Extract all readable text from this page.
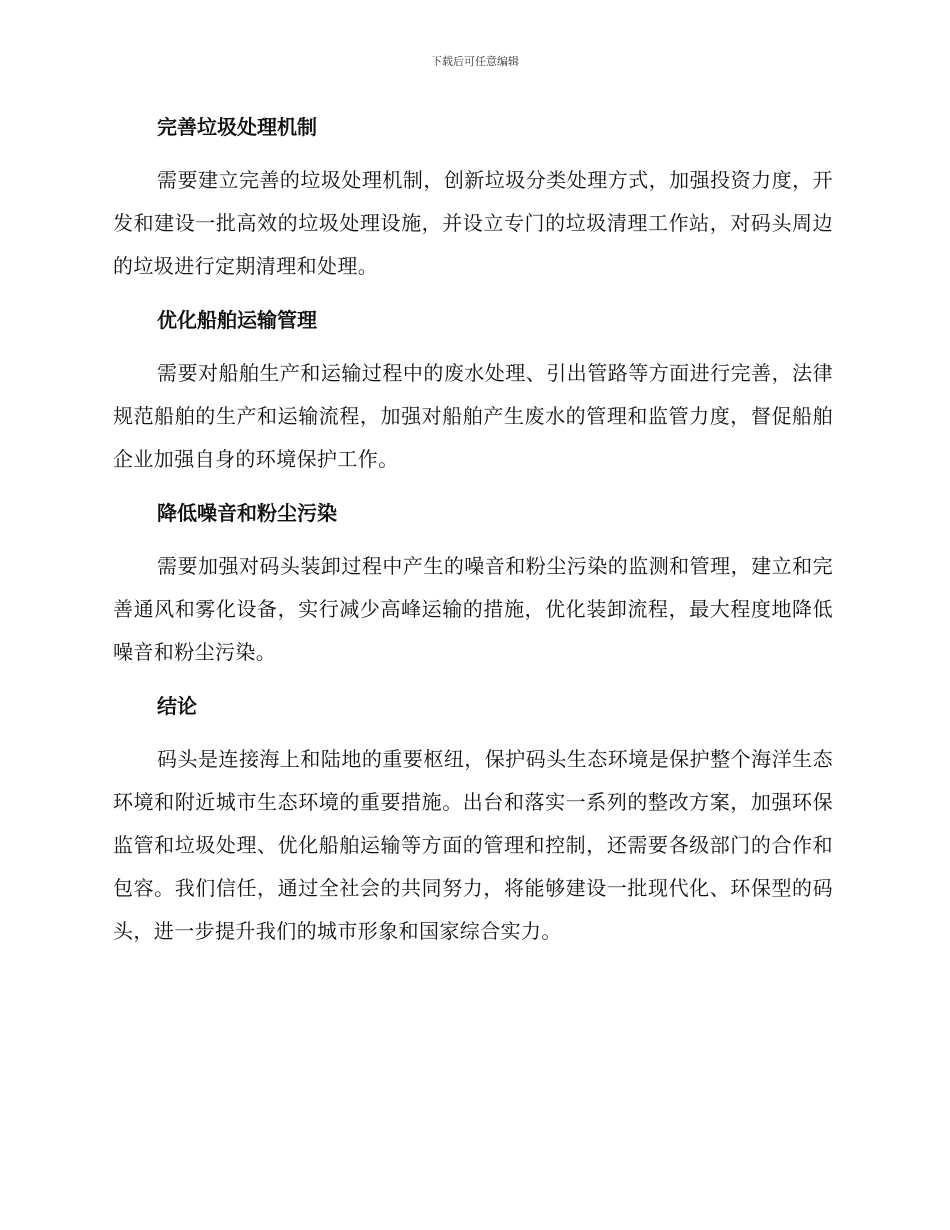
下载后可任意编辑
完善垃圾处理机制

需要建立完善的垃圾处理机制，创新垃圾分类处理方式，加强投资力度，开发和建设一批高效的垃圾处理设施，并设立专门的垃圾清理工作站，对码头周边的垃圾进行定期清理和处理。

优化船舶运输管理

需要对船舶生产和运输过程中的废水处理、引出管路等方面进行完善，法律规范船舶的生产和运输流程，加强对船舶产生废水的管理和监管力度，督促船舶企业加强自身的环境保护工作。

降低噪音和粉尘污染

需要加强对码头装卸过程中产生的噪音和粉尘污染的监测和管理，建立和完善通风和雾化设备，实行减少高峰运输的措施，优化装卸流程，最大程度地降低噪音和粉尘污染。

结论

码头是连接海上和陆地的重要枢纽，保护码头生态环境是保护整个海洋生态环境和附近城市生态环境的重要措施。出台和落实一系列的整改方案，加强环保监管和垃圾处理、优化船舶运输等方面的管理和控制，还需要各级部门的合作和包容。我们信任，通过全社会的共同努力，将能够建设一批现代化、环保型的码头，进一步提升我们的城市形象和国家综合实力。
